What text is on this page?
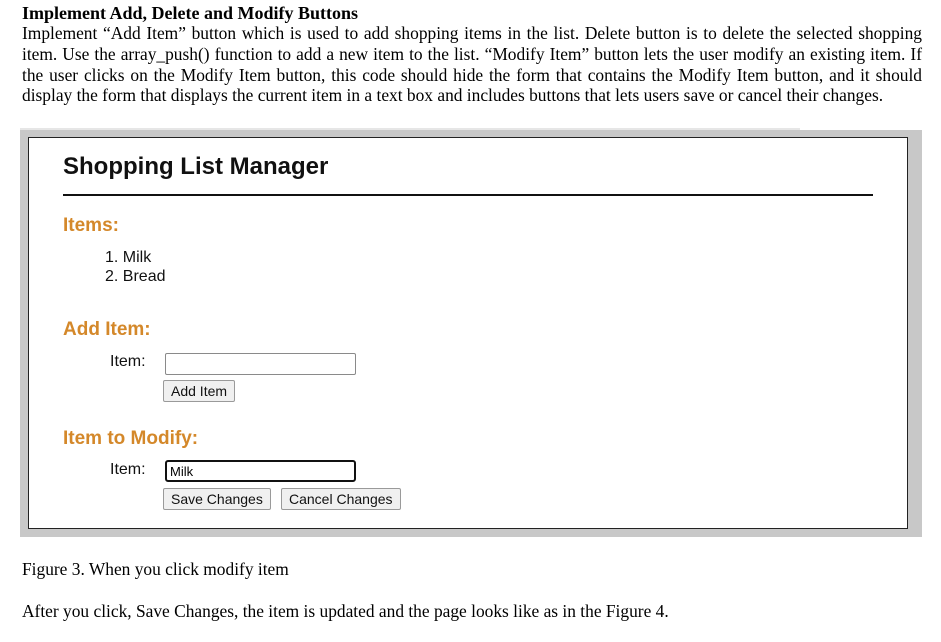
Implement Add, Delete and Modify Buttons

Implement “Add Item” button which is used to add shopping items in the list. Delete button is to delete the selected shopping item. Use the array_push() function to add a new item to the list. “Modify Item” button lets the user modify an existing item. If the user clicks on the Modify Item button, this code should hide the form that contains the Modify Item button, and it should display the form that displays the current item in a text box and includes buttons that lets users save or cancel their changes.

Shopping List Manager
Items:
1. Milk
2. Bread
Add Item:
Item:
Add Item
Item to Modify:
Item:
Milk
Save Changes	Cancel Changes

Figure 3. When you click modify item

After you click, Save Changes, the item is updated and the page looks like as in the Figure 4.
